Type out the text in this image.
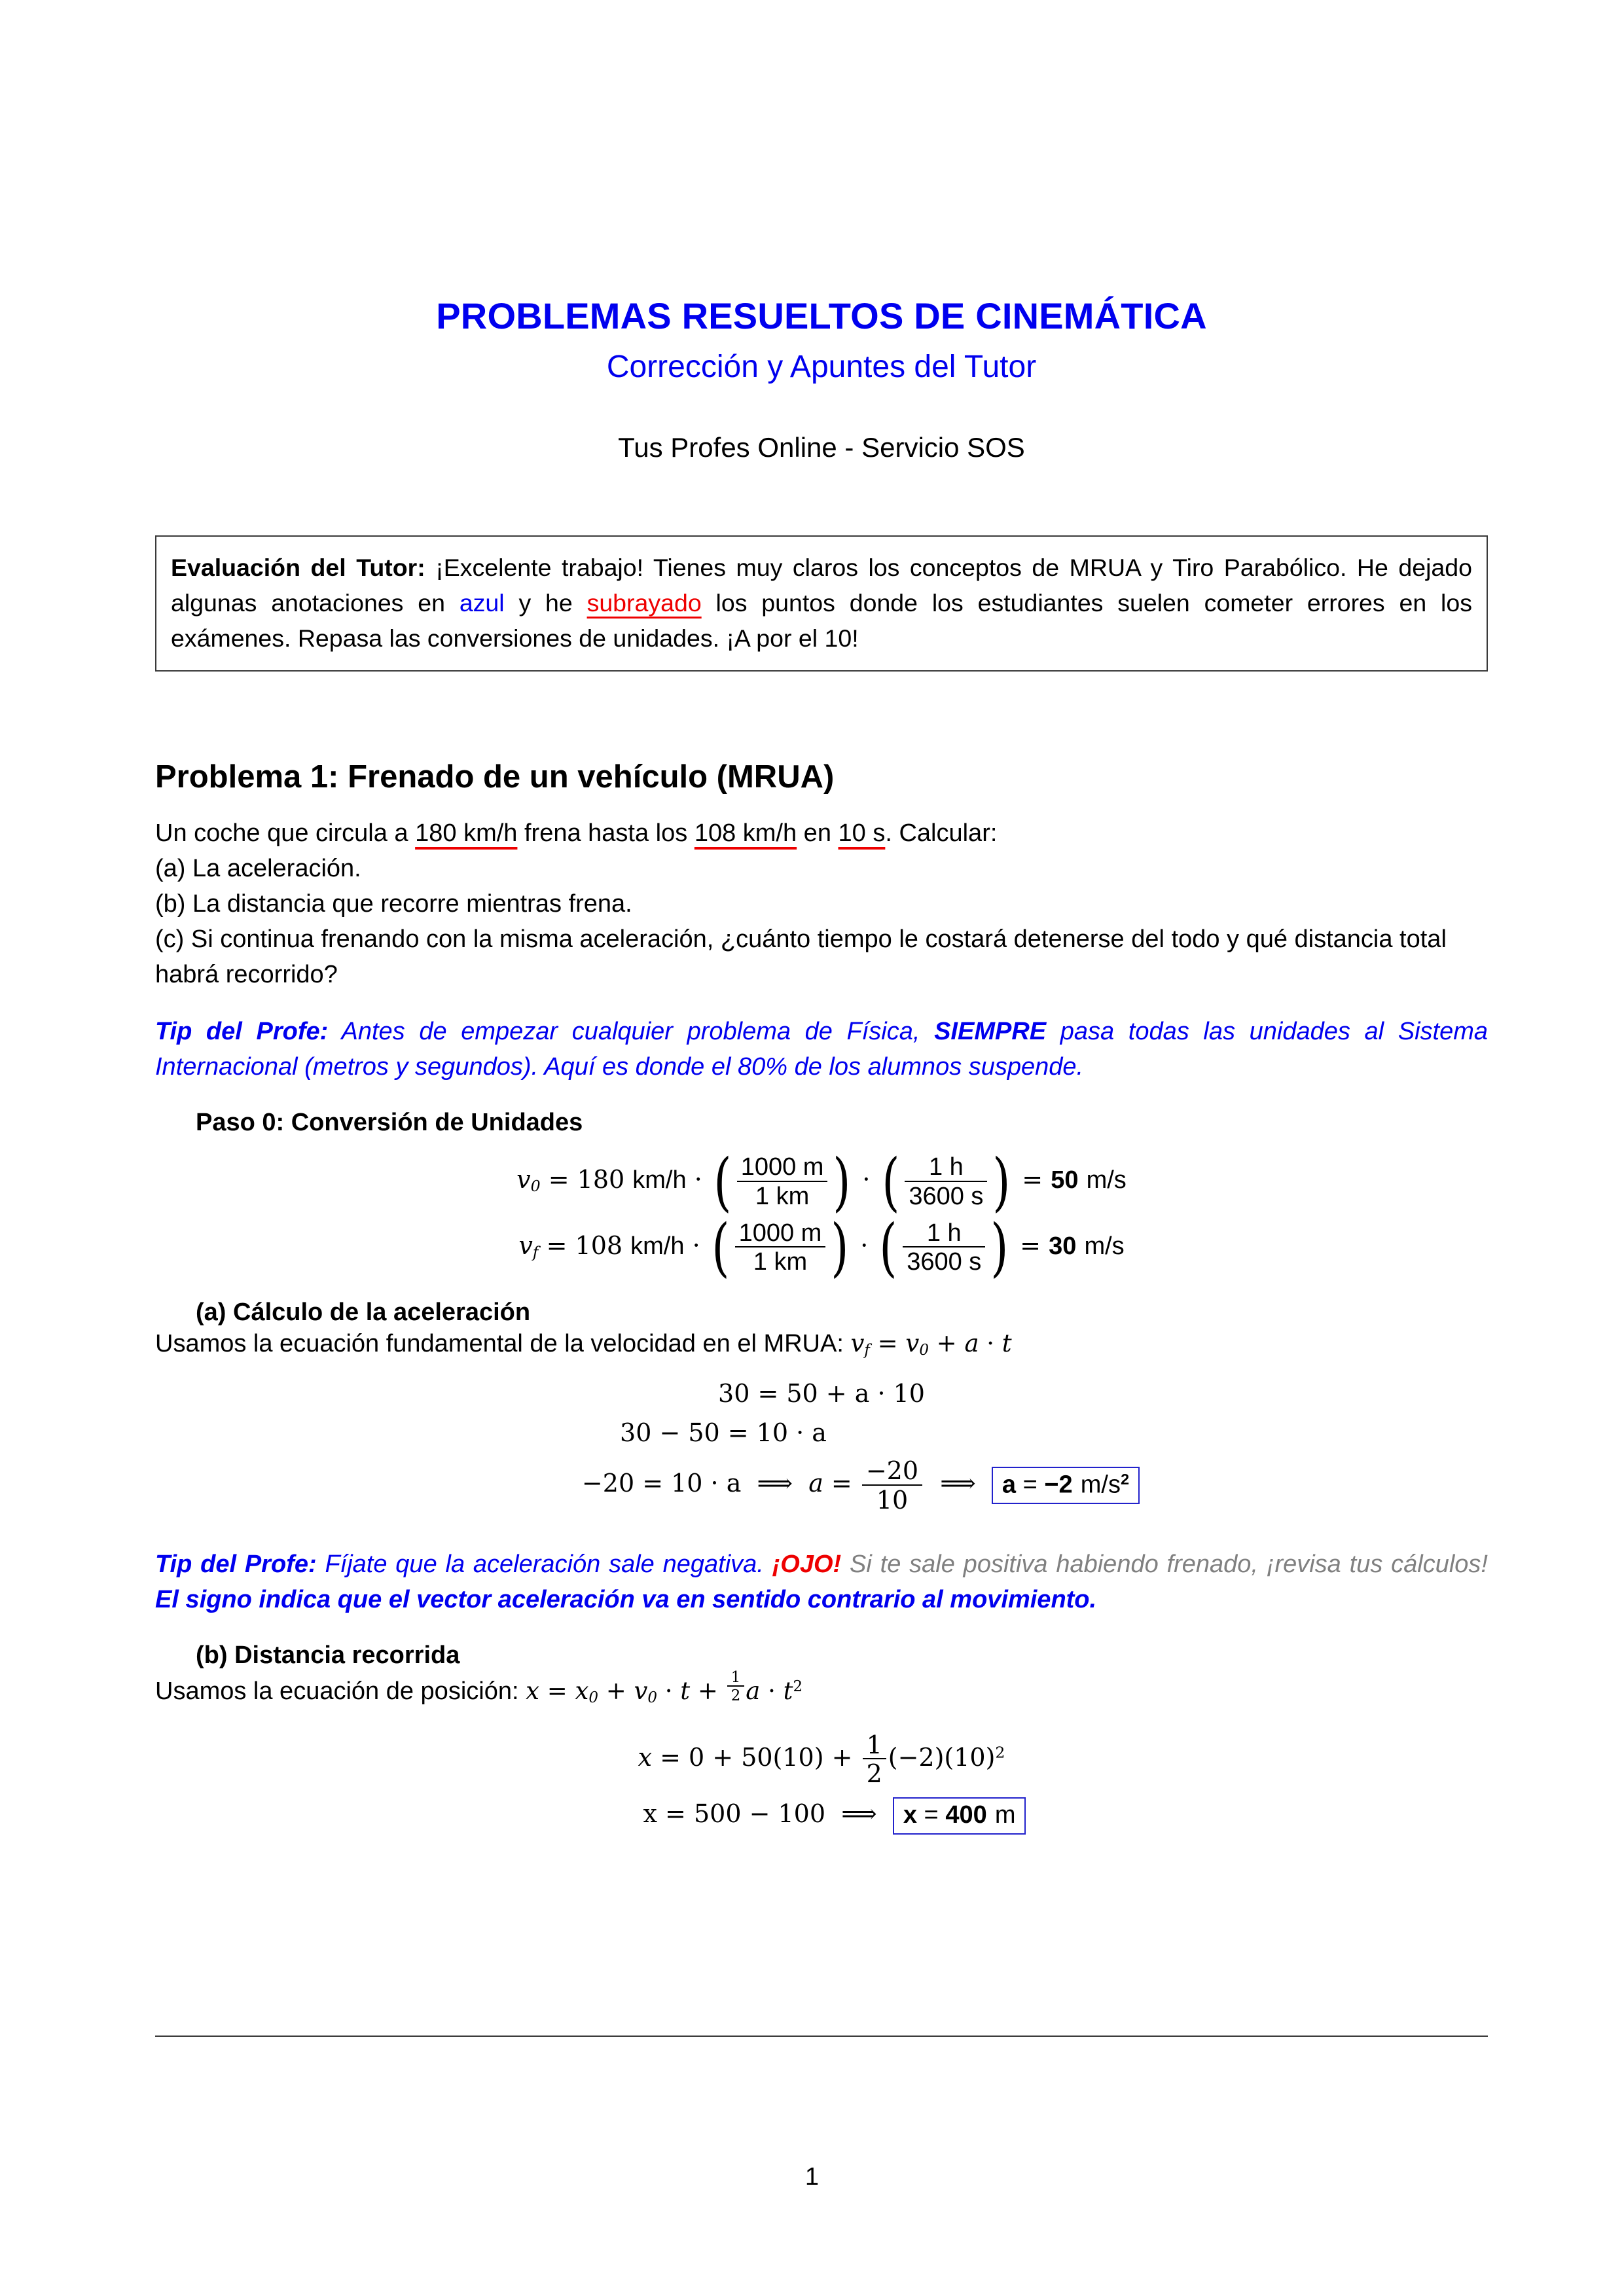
PROBLEMAS RESUELTOS DE CINEMÁTICA
Corrección y Apuntes del Tutor
Tus Profes Online - Servicio SOS
Evaluación del Tutor: ¡Excelente trabajo! Tienes muy claros los conceptos de MRUA y Tiro Parabólico. He dejado algunas anotaciones en azul y he subrayado los puntos donde los estudiantes suelen cometer errores en los exámenes. Repasa las conversiones de unidades. ¡A por el 10!
Problema 1: Frenado de un vehículo (MRUA)

Un coche que circula a 180 km/h frena hasta los 108 km/h en 10 s. Calcular:

(a) La aceleración.

(b) La distancia que recorre mientras frena.

(c) Si continua frenando con la misma aceleración, ¿cuánto tiempo le costará detenerse del todo y qué distancia total habrá recorrido?

Tip del Profe: Antes de empezar cualquier problema de Física, SIEMPRE pasa todas las unidades al Sistema Internacional (metros y segundos). Aquí es donde el 80% de los alumnos suspende.

Paso 0: Conversión de Unidades
$v_0 = 180$ km/h · ( $\frac{1000 m}{1 km}$ ) · ( $\frac{1 h}{3600 s}$ ) = 50 m/s
$v_f = 108$ km/h · ( $\frac{1000 m}{1 km}$ ) · ( $\frac{1 h}{3600 s}$ ) = 30 m/s
(a) Cálculo de la aceleración

Usamos la ecuación fundamental de la velocidad en el MRUA: $v_f = v_0 + a \cdot t$

30 = 50 + a · 10
30 − 50 = 10 · a
−20 = 10 · a  ⟹  $a = \frac{-20}{10}$ ⟹  a = −2 $m/s^2$

Tip del Profe: Fíjate que la aceleración sale negativa. ¡OJO! Si te sale positiva habiendo frenado, ¡revisa tus cálculos! El signo indica que el vector aceleración va en sentido contrario al movimiento.

(b) Distancia recorrida

Usamos la ecuación de posición: $x = x_0 + v_0 \cdot t + \frac{1}{2}$ $a \cdot t^2$

$x = 0 + 50(10) + \frac{1}{2} (-2)(10)^2$
x = 500 − 100  ⟹  x = 400 m
1
